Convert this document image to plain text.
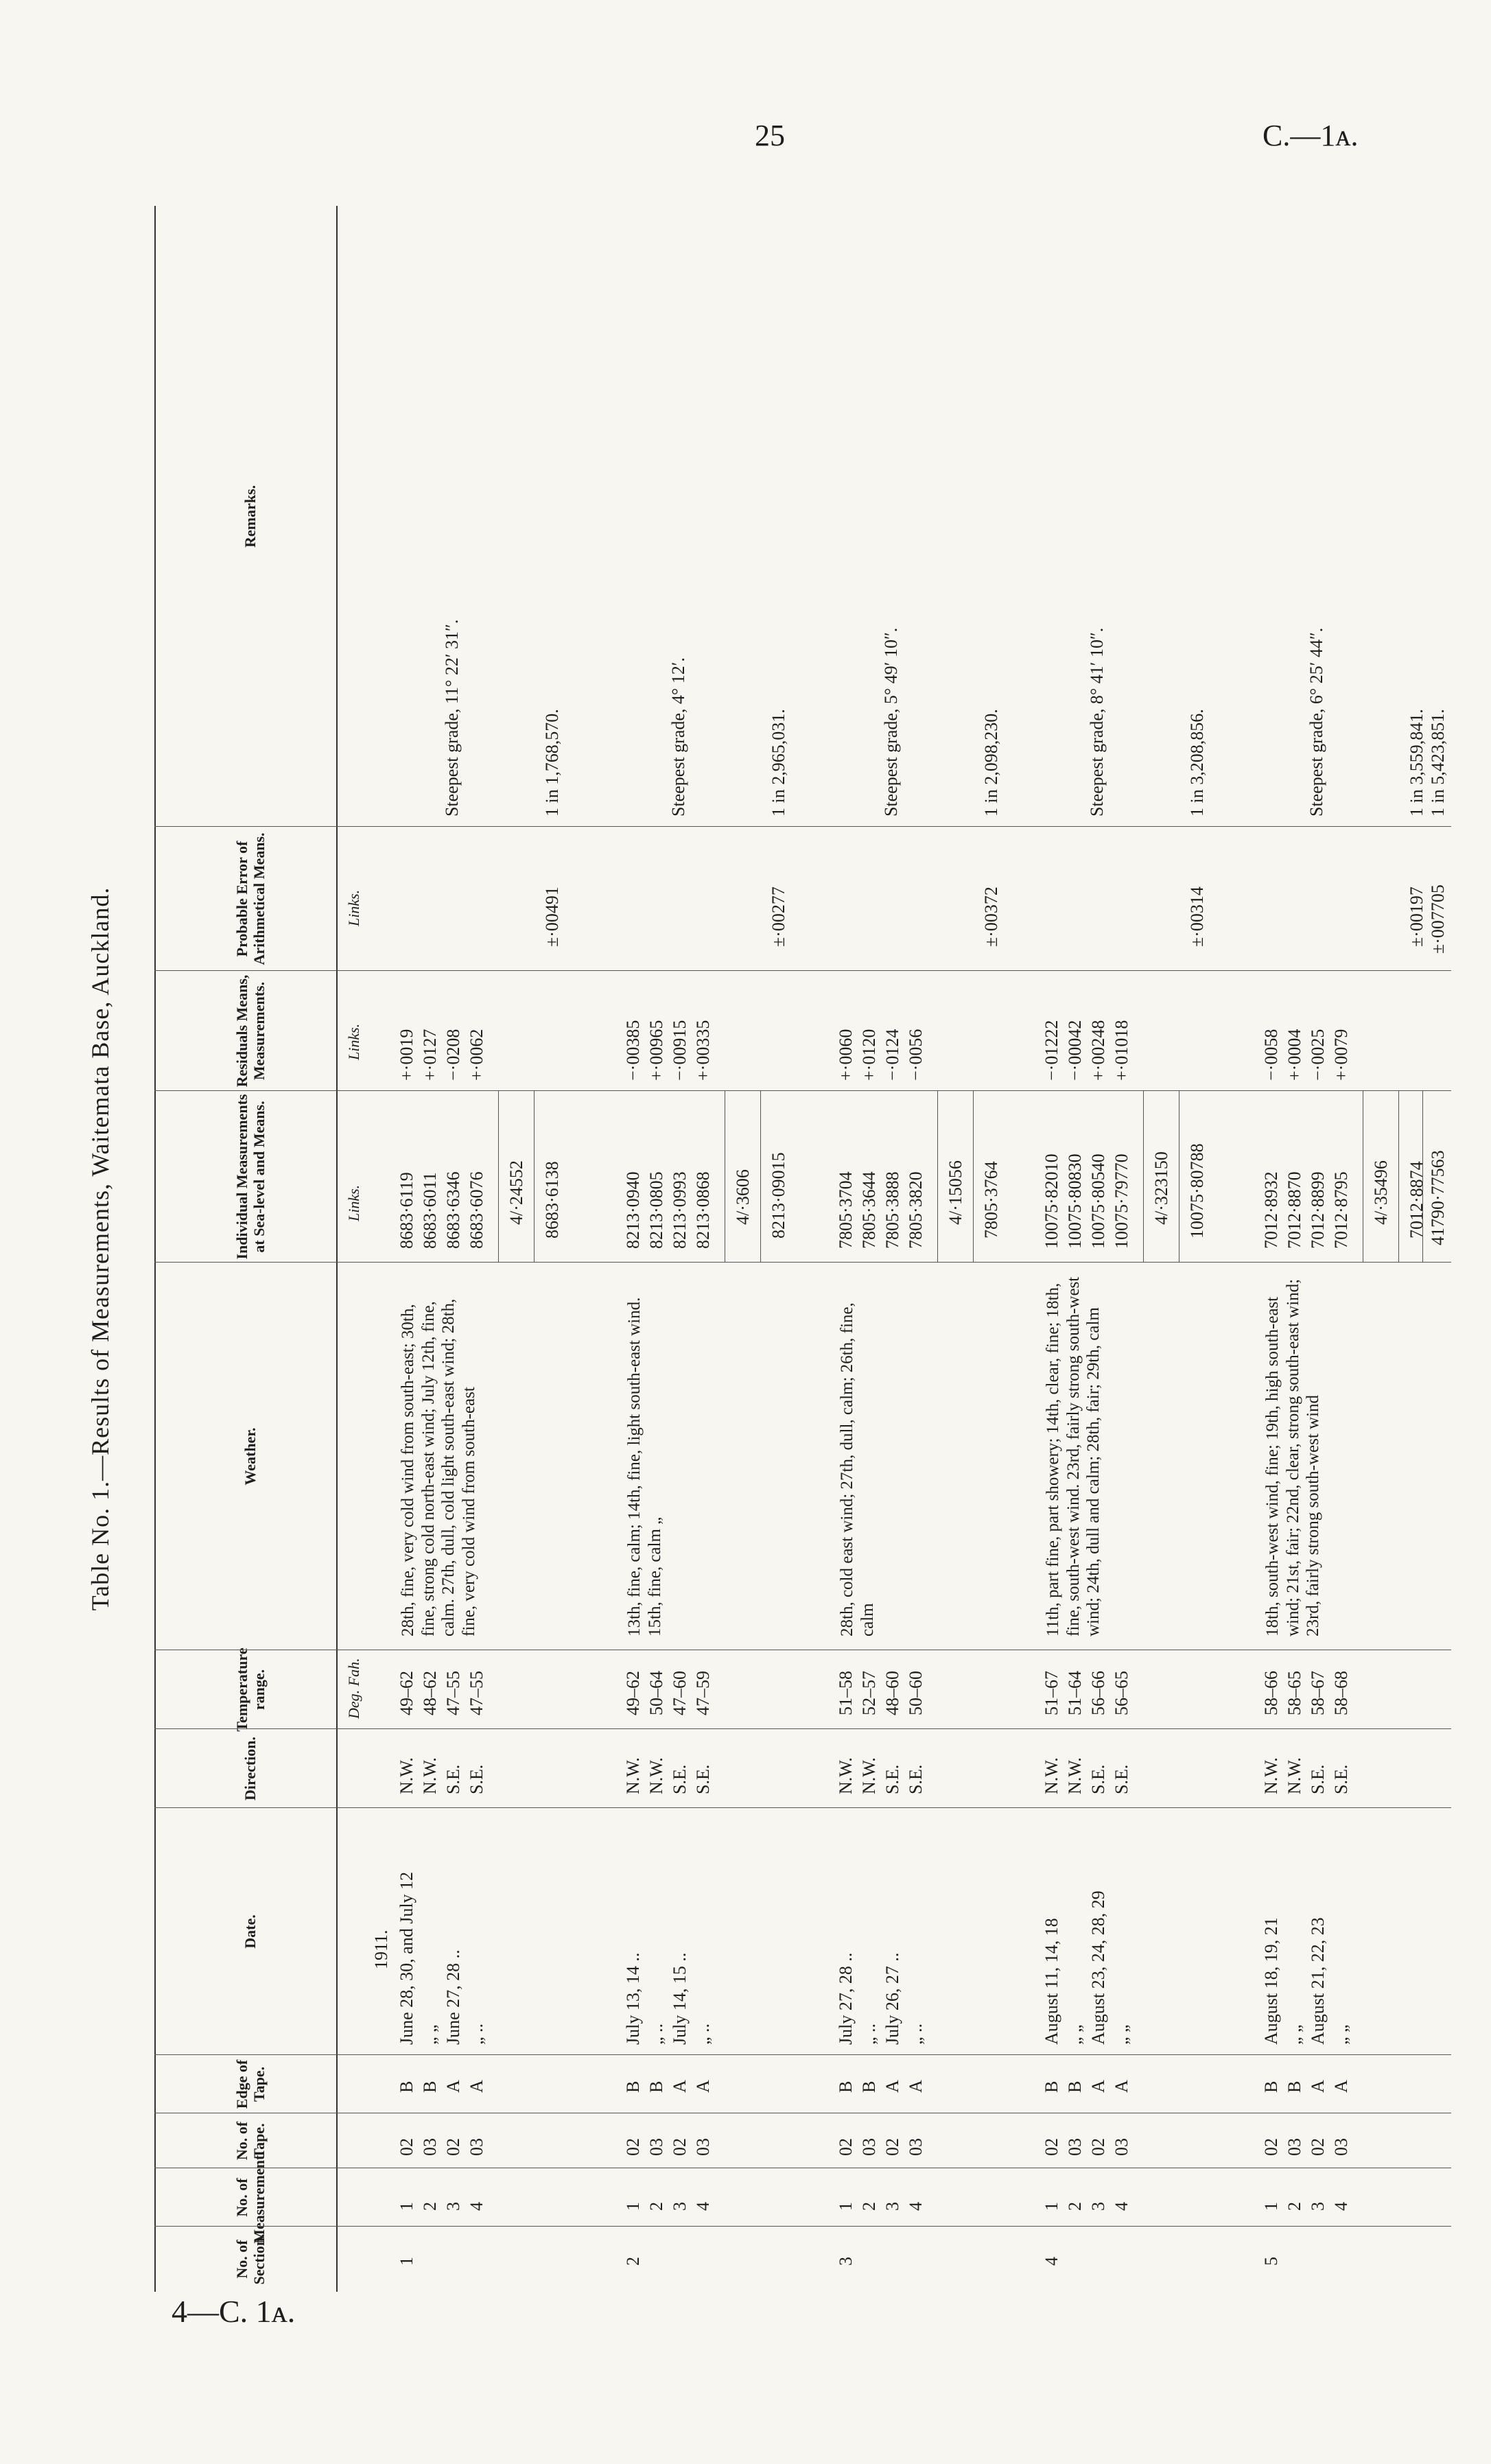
25	C.—1ᴀ.
4—C. 1ᴀ.
Table No. 1.—Results of Measurements, Waitemata Base, Auckland.
No. of Section.
No. of Measurement.
No. of Tape.
Edge of Tape.
Date.
Direction.
Temperature range.
Weather.
Individual Measurements at Sea-level and Means.
Residuals Means, Measurements.
Probable Error of Arithmetical Means.
Remarks.
Deg. Fah.
Links.
Links.
Links.
1911.
1
1
02
B
June 28, 30, and July 12
N.W.
49–62
8683·6119
+·0019
2
03
B
„ „
N.W.
48–62
8683·6011
+·0127
3
02
A
June 27, 28 ..
S.E.
47–55
8683·6346
−·0208
4
03
A
„ ..
S.E.
47–55
8683·6076
+·0062
28th, fine, very cold wind from south-east; 30th, fine, strong cold north-east wind; July 12th, fine, calm. 27th, dull, cold light south-east wind; 28th, fine, very cold wind from south-east
4/·24552 8683·6138
±·00491
1 in 1,768,570.
Steepest grade, 11° 22′ 31″.
2
1
02
B
July 13, 14 ..
N.W.
49–62
8213·0940
−·00385
2
03
B
„ ..
N.W.
50–64
8213·0805
+·00965
3
02
A
July 14, 15 ..
S.E.
47–60
8213·0993
−·00915
4
03
A
„ ..
S.E.
47–59
8213·0868
+·00335
13th, fine, calm; 14th, fine, light south-east wind. 15th, fine, calm „
4/·3606 8213·09015
±·00277
1 in 2,965,031.
Steepest grade, 4° 12′.
3
1
02
B
July 27, 28 ..
N.W.
51–58
7805·3704
+·0060
2
03
B
„ ..
N.W.
52–57
7805·3644
+·0120
3
02
A
July 26, 27 ..
S.E.
48–60
7805·3888
−·0124
4
03
A
„ ..
S.E.
50–60
7805·3820
−·0056
28th, cold east wind; 27th, dull, calm; 26th, fine, calm
4/·15056 7805·3764
±·00372
1 in 2,098,230.
Steepest grade, 5° 49′ 10″.
4
1
02
B
August 11, 14, 18
N.W.
51–67
10075·82010
−·01222
2
03
B
„ „
N.W.
51–64
10075·80830
−·00042
3
02
A
August 23, 24, 28, 29
S.E.
56–66
10075·80540
+·00248
4
03
A
„ „
S.E.
56–65
10075·79770
+·01018
11th, part fine, part showery; 14th, clear, fine; 18th, fine, south-west wind. 23rd, fairly strong south-west wind; 24th, dull and calm; 28th, fair; 29th, calm
4/·323150 10075·80788
±·00314
1 in 3,208,856.
Steepest grade, 8° 41′ 10″.
5
1
02
B
August 18, 19, 21
N.W.
58–66
7012·8932
−·0058
2
03
B
„ „
N.W.
58–65
7012·8870
+·0004
3
02
A
August 21, 22, 23
S.E.
58–67
7012·8899
−·0025
4
03
A
„ „
S.E.
58–68
7012·8795
+·0079
18th, south-west wind, fine; 19th, high south-east wind; 21st, fair; 22nd, clear, strong south-east wind; 23rd, fairly strong south-west wind
4/·35496 7012·8874
±·00197
1 in 3,559,841.
Steepest grade, 6° 25′ 44″.
41790·77563
±·007705
1 in 5,423,851.
